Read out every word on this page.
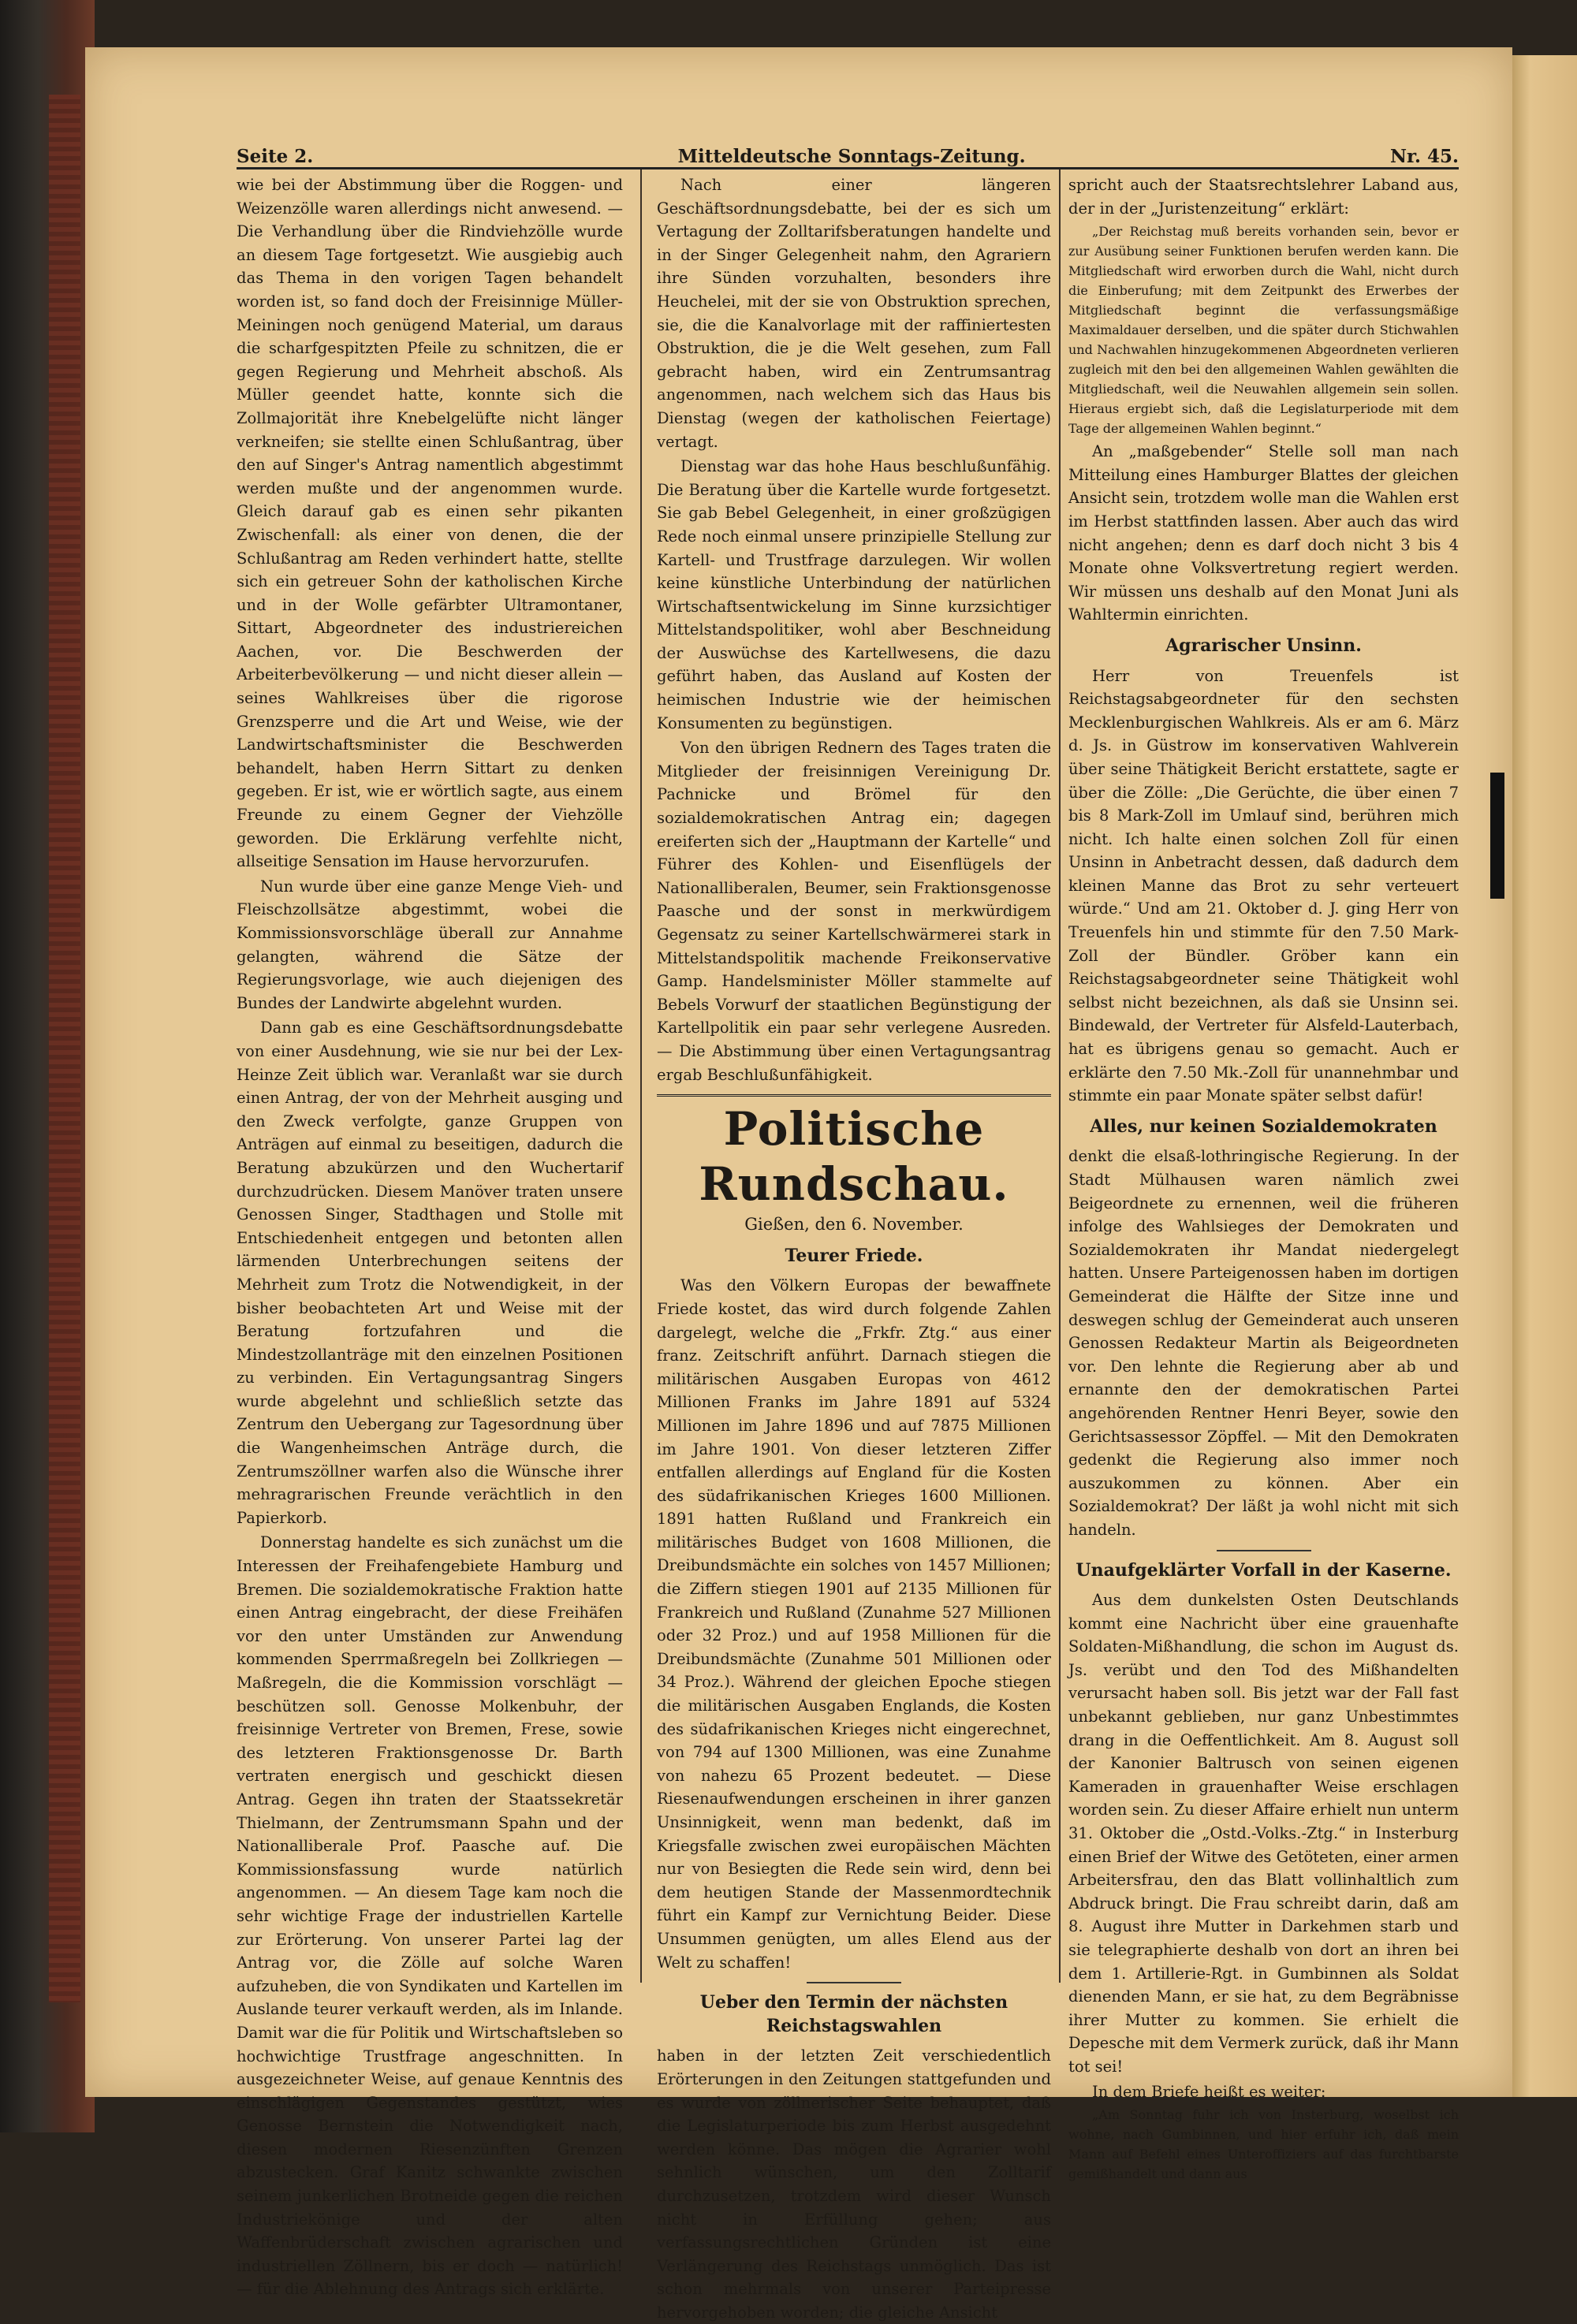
Seite 2.	Mitteldeutsche Sonntags-Zeitung.	Nr. 45.

wie bei der Abstimmung über die Roggen- und Weizenzölle waren allerdings nicht anwesend. — Die Verhandlung über die Rindviehzölle wurde an diesem Tage fortgesetzt. Wie ausgiebig auch das Thema in den vorigen Tagen behandelt worden ist, so fand doch der Freisinnige Müller-Meiningen noch genügend Material, um daraus die scharfgespitzten Pfeile zu schnitzen, die er gegen Regierung und Mehrheit abschoß. Als Müller geendet hatte, konnte sich die Zollmajorität ihre Knebelgelüfte nicht länger verkneifen; sie stellte einen Schlußantrag, über den auf Singer's Antrag namentlich abgestimmt werden mußte und der angenommen wurde. Gleich darauf gab es einen sehr pikanten Zwischenfall: als einer von denen, die der Schlußantrag am Reden verhindert hatte, stellte sich ein getreuer Sohn der katholischen Kirche und in der Wolle gefärbter Ultramontaner, Sittart, Abgeordneter des industriereichen Aachen, vor. Die Beschwerden der Arbeiterbevölkerung — und nicht dieser allein — seines Wahlkreises über die rigorose Grenzsperre und die Art und Weise, wie der Landwirtschaftsminister die Beschwerden behandelt, haben Herrn Sittart zu denken gegeben. Er ist, wie er wörtlich sagte, aus einem Freunde zu einem Gegner der Viehzölle geworden. Die Erklärung verfehlte nicht, allseitige Sensation im Hause hervorzurufen.

Nun wurde über eine ganze Menge Vieh- und Fleischzollsätze abgestimmt, wobei die Kommissionsvorschläge überall zur Annahme gelangten, während die Sätze der Regierungsvorlage, wie auch diejenigen des Bundes der Landwirte abgelehnt wurden.

Dann gab es eine Geschäftsordnungsdebatte von einer Ausdehnung, wie sie nur bei der Lex-Heinze Zeit üblich war. Veranlaßt war sie durch einen Antrag, der von der Mehrheit ausging und den Zweck verfolgte, ganze Gruppen von Anträgen auf einmal zu beseitigen, dadurch die Beratung abzukürzen und den Wuchertarif durchzudrücken. Diesem Manöver traten unsere Genossen Singer, Stadthagen und Stolle mit Entschiedenheit entgegen und betonten allen lärmenden Unterbrechungen seitens der Mehrheit zum Trotz die Notwendigkeit, in der bisher beobachteten Art und Weise mit der Beratung fortzufahren und die Mindestzollanträge mit den einzelnen Positionen zu verbinden. Ein Vertagungsantrag Singers wurde abgelehnt und schließlich setzte das Zentrum den Uebergang zur Tagesordnung über die Wangenheimschen Anträge durch, die Zentrumszöllner warfen also die Wünsche ihrer mehragrarischen Freunde verächtlich in den Papierkorb.

Donnerstag handelte es sich zunächst um die Interessen der Freihafengebiete Hamburg und Bremen. Die sozialdemokratische Fraktion hatte einen Antrag eingebracht, der diese Freihäfen vor den unter Umständen zur Anwendung kommenden Sperrmaßregeln bei Zollkriegen — Maßregeln, die die Kommission vorschlägt — beschützen soll. Genosse Molkenbuhr, der freisinnige Vertreter von Bremen, Frese, sowie des letzteren Fraktionsgenosse Dr. Barth vertraten energisch und geschickt diesen Antrag. Gegen ihn traten der Staatssekretär Thielmann, der Zentrumsmann Spahn und der Nationalliberale Prof. Paasche auf. Die Kommissionsfassung wurde natürlich angenommen. — An diesem Tage kam noch die sehr wichtige Frage der industriellen Kartelle zur Erörterung. Von unserer Partei lag der Antrag vor, die Zölle auf solche Waren aufzuheben, die von Syndikaten und Kartellen im Auslande teurer verkauft werden, als im Inlande. Damit war die für Politik und Wirtschaftsleben so hochwichtige Trustfrage angeschnitten. In ausgezeichneter Weise, auf genaue Kenntnis des einschlägigen Gegenstandes gestützt, wies Genosse Bernstein die Notwendigkeit nach, diesen modernen Riesenzünften Grenzen abzustecken. Graf Kanitz schwankte zwischen seinem junkerlichen Brotneide gegen die reichen Industriekönige und der alten Waffenbrüderschaft zwischen agrarischen und industriellen Zöllnern, bis er doch — natürlich! — für die Ablehnung des Antrags sich erklärte.

Nach einer längeren Geschäftsordnungsdebatte, bei der es sich um Vertagung der Zolltarifsberatungen handelte und in der Singer Gelegenheit nahm, den Agrariern ihre Sünden vorzuhalten, besonders ihre Heuchelei, mit der sie von Obstruktion sprechen, sie, die die Kanalvorlage mit der raffiniertesten Obstruktion, die je die Welt gesehen, zum Fall gebracht haben, wird ein Zentrumsantrag angenommen, nach welchem sich das Haus bis Dienstag (wegen der katholischen Feiertage) vertagt.

Dienstag war das hohe Haus beschlußunfähig. Die Beratung über die Kartelle wurde fortgesetzt. Sie gab Bebel Gelegenheit, in einer großzügigen Rede noch einmal unsere prinzipielle Stellung zur Kartell- und Trustfrage darzulegen. Wir wollen keine künstliche Unterbindung der natürlichen Wirtschaftsentwickelung im Sinne kurzsichtiger Mittelstandspolitiker, wohl aber Beschneidung der Auswüchse des Kartellwesens, die dazu geführt haben, das Ausland auf Kosten der heimischen Industrie wie der heimischen Konsumenten zu begünstigen.

Von den übrigen Rednern des Tages traten die Mitglieder der freisinnigen Vereinigung Dr. Pachnicke und Brömel für den sozialdemokratischen Antrag ein; dagegen ereiferten sich der „Hauptmann der Kartelle“ und Führer des Kohlen- und Eisenflügels der Nationalliberalen, Beumer, sein Fraktionsgenosse Paasche und der sonst in merkwürdigem Gegensatz zu seiner Kartellschwärmerei stark in Mittelstandspolitik machende Freikonservative Gamp. Handelsminister Möller stammelte auf Bebels Vorwurf der staatlichen Begünstigung der Kartellpolitik ein paar sehr verlegene Ausreden. — Die Abstimmung über einen Vertagungsantrag ergab Beschlußunfähigkeit.

Politische Rundschau.
Gießen, den 6. November.
Teurer Friede.

Was den Völkern Europas der bewaffnete Friede kostet, das wird durch folgende Zahlen dargelegt, welche die „Frkfr. Ztg.“ aus einer franz. Zeitschrift anführt. Darnach stiegen die militärischen Ausgaben Europas von 4612 Millionen Franks im Jahre 1891 auf 5324 Millionen im Jahre 1896 und auf 7875 Millionen im Jahre 1901. Von dieser letzteren Ziffer entfallen allerdings auf England für die Kosten des südafrikanischen Krieges 1600 Millionen. 1891 hatten Rußland und Frankreich ein militärisches Budget von 1608 Millionen, die Dreibundsmächte ein solches von 1457 Millionen; die Ziffern stiegen 1901 auf 2135 Millionen für Frankreich und Rußland (Zunahme 527 Millionen oder 32 Proz.) und auf 1958 Millionen für die Dreibundsmächte (Zunahme 501 Millionen oder 34 Proz.). Während der gleichen Epoche stiegen die militärischen Ausgaben Englands, die Kosten des südafrikanischen Krieges nicht eingerechnet, von 794 auf 1300 Millionen, was eine Zunahme von nahezu 65 Prozent bedeutet. — Diese Riesenaufwendungen erscheinen in ihrer ganzen Unsinnigkeit, wenn man bedenkt, daß im Kriegsfalle zwischen zwei europäischen Mächten nur von Besiegten die Rede sein wird, denn bei dem heutigen Stande der Massenmordtechnik führt ein Kampf zur Vernichtung Beider. Diese Unsummen genügten, um alles Elend aus der Welt zu schaffen!

Ueber den Termin der nächsten Reichstagswahlen

haben in der letzten Zeit verschiedentlich Erörterungen in den Zeitungen stattgefunden und es wurde von zöllnerischer Seite behauptet, daß die Legislaturperiode bis zum Herbst ausgedehnt werden könne. Das mögen die Agrarier wohl sehnlich wünschen, um den Zolltarif durchzusetzen, trotzdem wird dieser Wunsch nicht in Erfüllung gehen; aus verfassungsrechtlichen Gründen ist eine Verlängerung des Reichstags unmöglich. Das ist schon mehrmals von unserer Parteipresse hervorgehoben worden; die gleiche Ansicht

spricht auch der Staatsrechtslehrer Laband aus, der in der „Juristenzeitung“ erklärt:

„Der Reichstag muß bereits vorhanden sein, bevor er zur Ausübung seiner Funktionen berufen werden kann. Die Mitgliedschaft wird erworben durch die Wahl, nicht durch die Einberufung; mit dem Zeitpunkt des Erwerbes der Mitgliedschaft beginnt die verfassungsmäßige Maximaldauer derselben, und die später durch Stichwahlen und Nachwahlen hinzugekommenen Abgeordneten verlieren zugleich mit den bei den allgemeinen Wahlen gewählten die Mitgliedschaft, weil die Neuwahlen allgemein sein sollen. Hieraus ergiebt sich, daß die Legislaturperiode mit dem Tage der allgemeinen Wahlen beginnt.“

An „maßgebender“ Stelle soll man nach Mitteilung eines Hamburger Blattes der gleichen Ansicht sein, trotzdem wolle man die Wahlen erst im Herbst stattfinden lassen. Aber auch das wird nicht angehen; denn es darf doch nicht 3 bis 4 Monate ohne Volksvertretung regiert werden. Wir müssen uns deshalb auf den Monat Juni als Wahltermin einrichten.

Agrarischer Unsinn.

Herr von Treuenfels ist Reichstagsabgeordneter für den sechsten Mecklenburgischen Wahlkreis. Als er am 6. März d. Js. in Güstrow im konservativen Wahlverein über seine Thätigkeit Bericht erstattete, sagte er über die Zölle: „Die Gerüchte, die über einen 7 bis 8 Mark-Zoll im Umlauf sind, berühren mich nicht. Ich halte einen solchen Zoll für einen Unsinn in Anbetracht dessen, daß dadurch dem kleinen Manne das Brot zu sehr verteuert würde.“ Und am 21. Oktober d. J. ging Herr von Treuenfels hin und stimmte für den 7.50 Mark-Zoll der Bündler. Gröber kann ein Reichstagsabgeordneter seine Thätigkeit wohl selbst nicht bezeichnen, als daß sie Unsinn sei. Bindewald, der Vertreter für Alsfeld-Lauterbach, hat es übrigens genau so gemacht. Auch er erklärte den 7.50 Mk.-Zoll für unannehmbar und stimmte ein paar Monate später selbst dafür!

Alles, nur keinen Sozialdemokraten

denkt die elsaß-lothringische Regierung. In der Stadt Mülhausen waren nämlich zwei Beigeordnete zu ernennen, weil die früheren infolge des Wahlsieges der Demokraten und Sozialdemokraten ihr Mandat niedergelegt hatten. Unsere Parteigenossen haben im dortigen Gemeinderat die Hälfte der Sitze inne und deswegen schlug der Gemeinderat auch unseren Genossen Redakteur Martin als Beigeordneten vor. Den lehnte die Regierung aber ab und ernannte den der demokratischen Partei angehörenden Rentner Henri Beyer, sowie den Gerichtsassessor Zöpffel. — Mit den Demokraten gedenkt die Regierung also immer noch auszukommen zu können. Aber ein Sozialdemokrat? Der läßt ja wohl nicht mit sich handeln.

Unaufgeklärter Vorfall in der Kaserne.

Aus dem dunkelsten Osten Deutschlands kommt eine Nachricht über eine grauenhafte Soldaten-Mißhandlung, die schon im August ds. Js. verübt und den Tod des Mißhandelten verursacht haben soll. Bis jetzt war der Fall fast unbekannt geblieben, nur ganz Unbestimmtes drang in die Oeffentlichkeit. Am 8. August soll der Kanonier Baltrusch von seinen eigenen Kameraden in grauenhafter Weise erschlagen worden sein. Zu dieser Affaire erhielt nun unterm 31. Oktober die „Ostd.-Volks.-Ztg.“ in Insterburg einen Brief der Witwe des Getöteten, einer armen Arbeitersfrau, den das Blatt vollinhaltlich zum Abdruck bringt. Die Frau schreibt darin, daß am 8. August ihre Mutter in Darkehmen starb und sie telegraphierte deshalb von dort an ihren bei dem 1. Artillerie-Rgt. in Gumbinnen als Soldat dienenden Mann, er sie hat, zu dem Begräbnisse ihrer Mutter zu kommen. Sie erhielt die Depesche mit dem Vermerk zurück, daß ihr Mann tot sei!

In dem Briefe heißt es weiter:

„Am Sonntag fuhr ich von Insterburg, woselbst ich wohne, nach Gumbinnen, und hier erfuhr ich, daß mein Mann auf Befehl eines Unteroffiziers auf das furchtbarste gemißhandelt und dann aus
